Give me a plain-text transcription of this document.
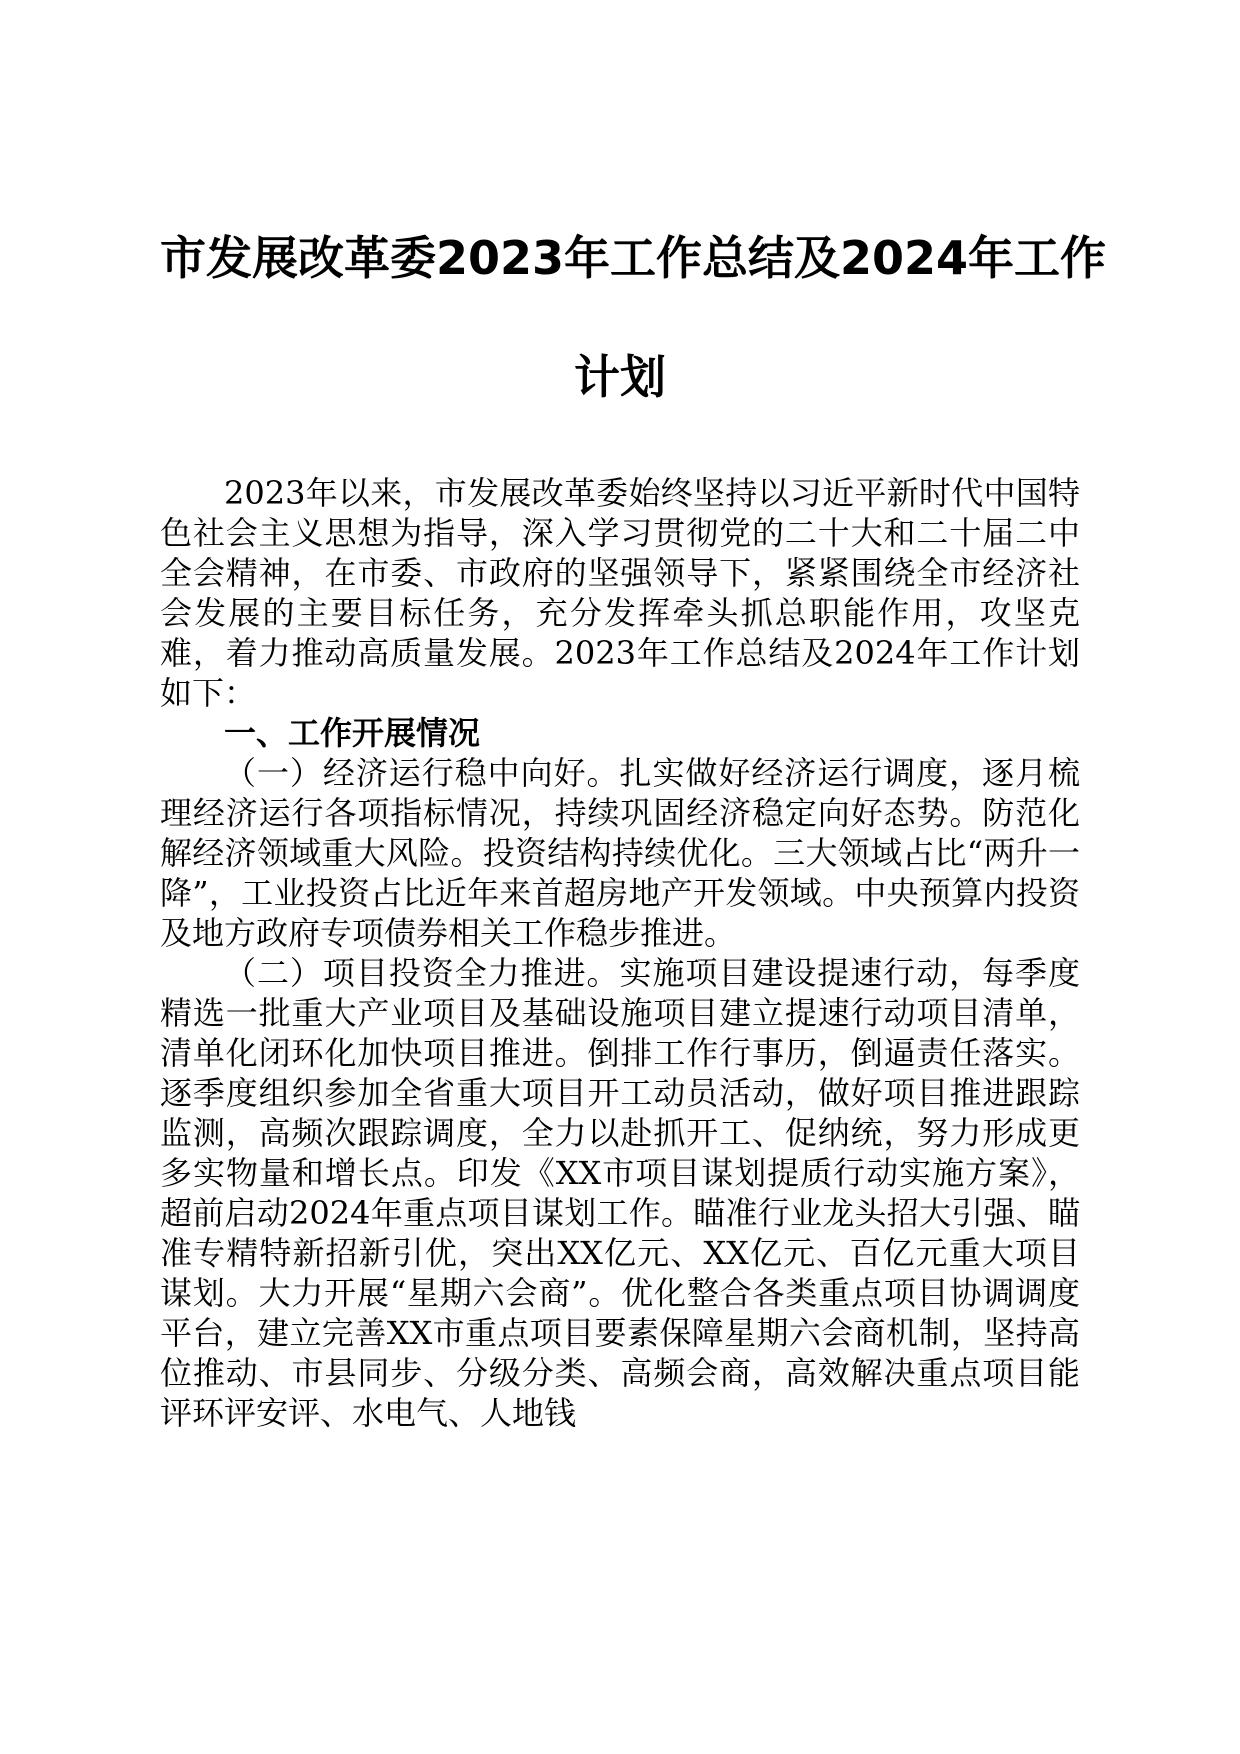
市发展改革委2023年工作总结及2024年工作
计划

2023年以来，市发展改革委始终坚持以习近平新时代中国特色社会主义思想为指导，深入学习贯彻党的二十大和二十届二中全会精神，在市委、市政府的坚强领导下，紧紧围绕全市经济社会发展的主要目标任务，充分发挥牵头抓总职能作用，攻坚克难，着力推动高质量发展。2023年工作总结及2024年工作计划如下：

一、工作开展情况

（一）经济运行稳中向好。扎实做好经济运行调度，逐月梳理经济运行各项指标情况，持续巩固经济稳定向好态势。防范化解经济领域重大风险。投资结构持续优化。三大领域占比“两升一降”，工业投资占比近年来首超房地产开发领域。中央预算内投资及地方政府专项债券相关工作稳步推进。

（二）项目投资全力推进。实施项目建设提速行动，每季度精选一批重大产业项目及基础设施项目建立提速行动项目清单，清单化闭环化加快项目推进。倒排工作行事历，倒逼责任落实。逐季度组织参加全省重大项目开工动员活动，做好项目推进跟踪监测，高频次跟踪调度，全力以赴抓开工、促纳统，努力形成更多实物量和增长点。印发《XX市项目谋划提质行动实施方案》，超前启动2024年重点项目谋划工作。瞄准行业龙头招大引强、瞄准专精特新招新引优，突出XX亿元、XX亿元、百亿元重大项目谋划。大力开展“星期六会商”。优化整合各类重点项目协调调度平台，建立完善XX市重点项目要素保障星期六会商机制，坚持高位推动、市县同步、分级分类、高频会商，高效解决重点项目能评环评安评、水电气、人地钱
